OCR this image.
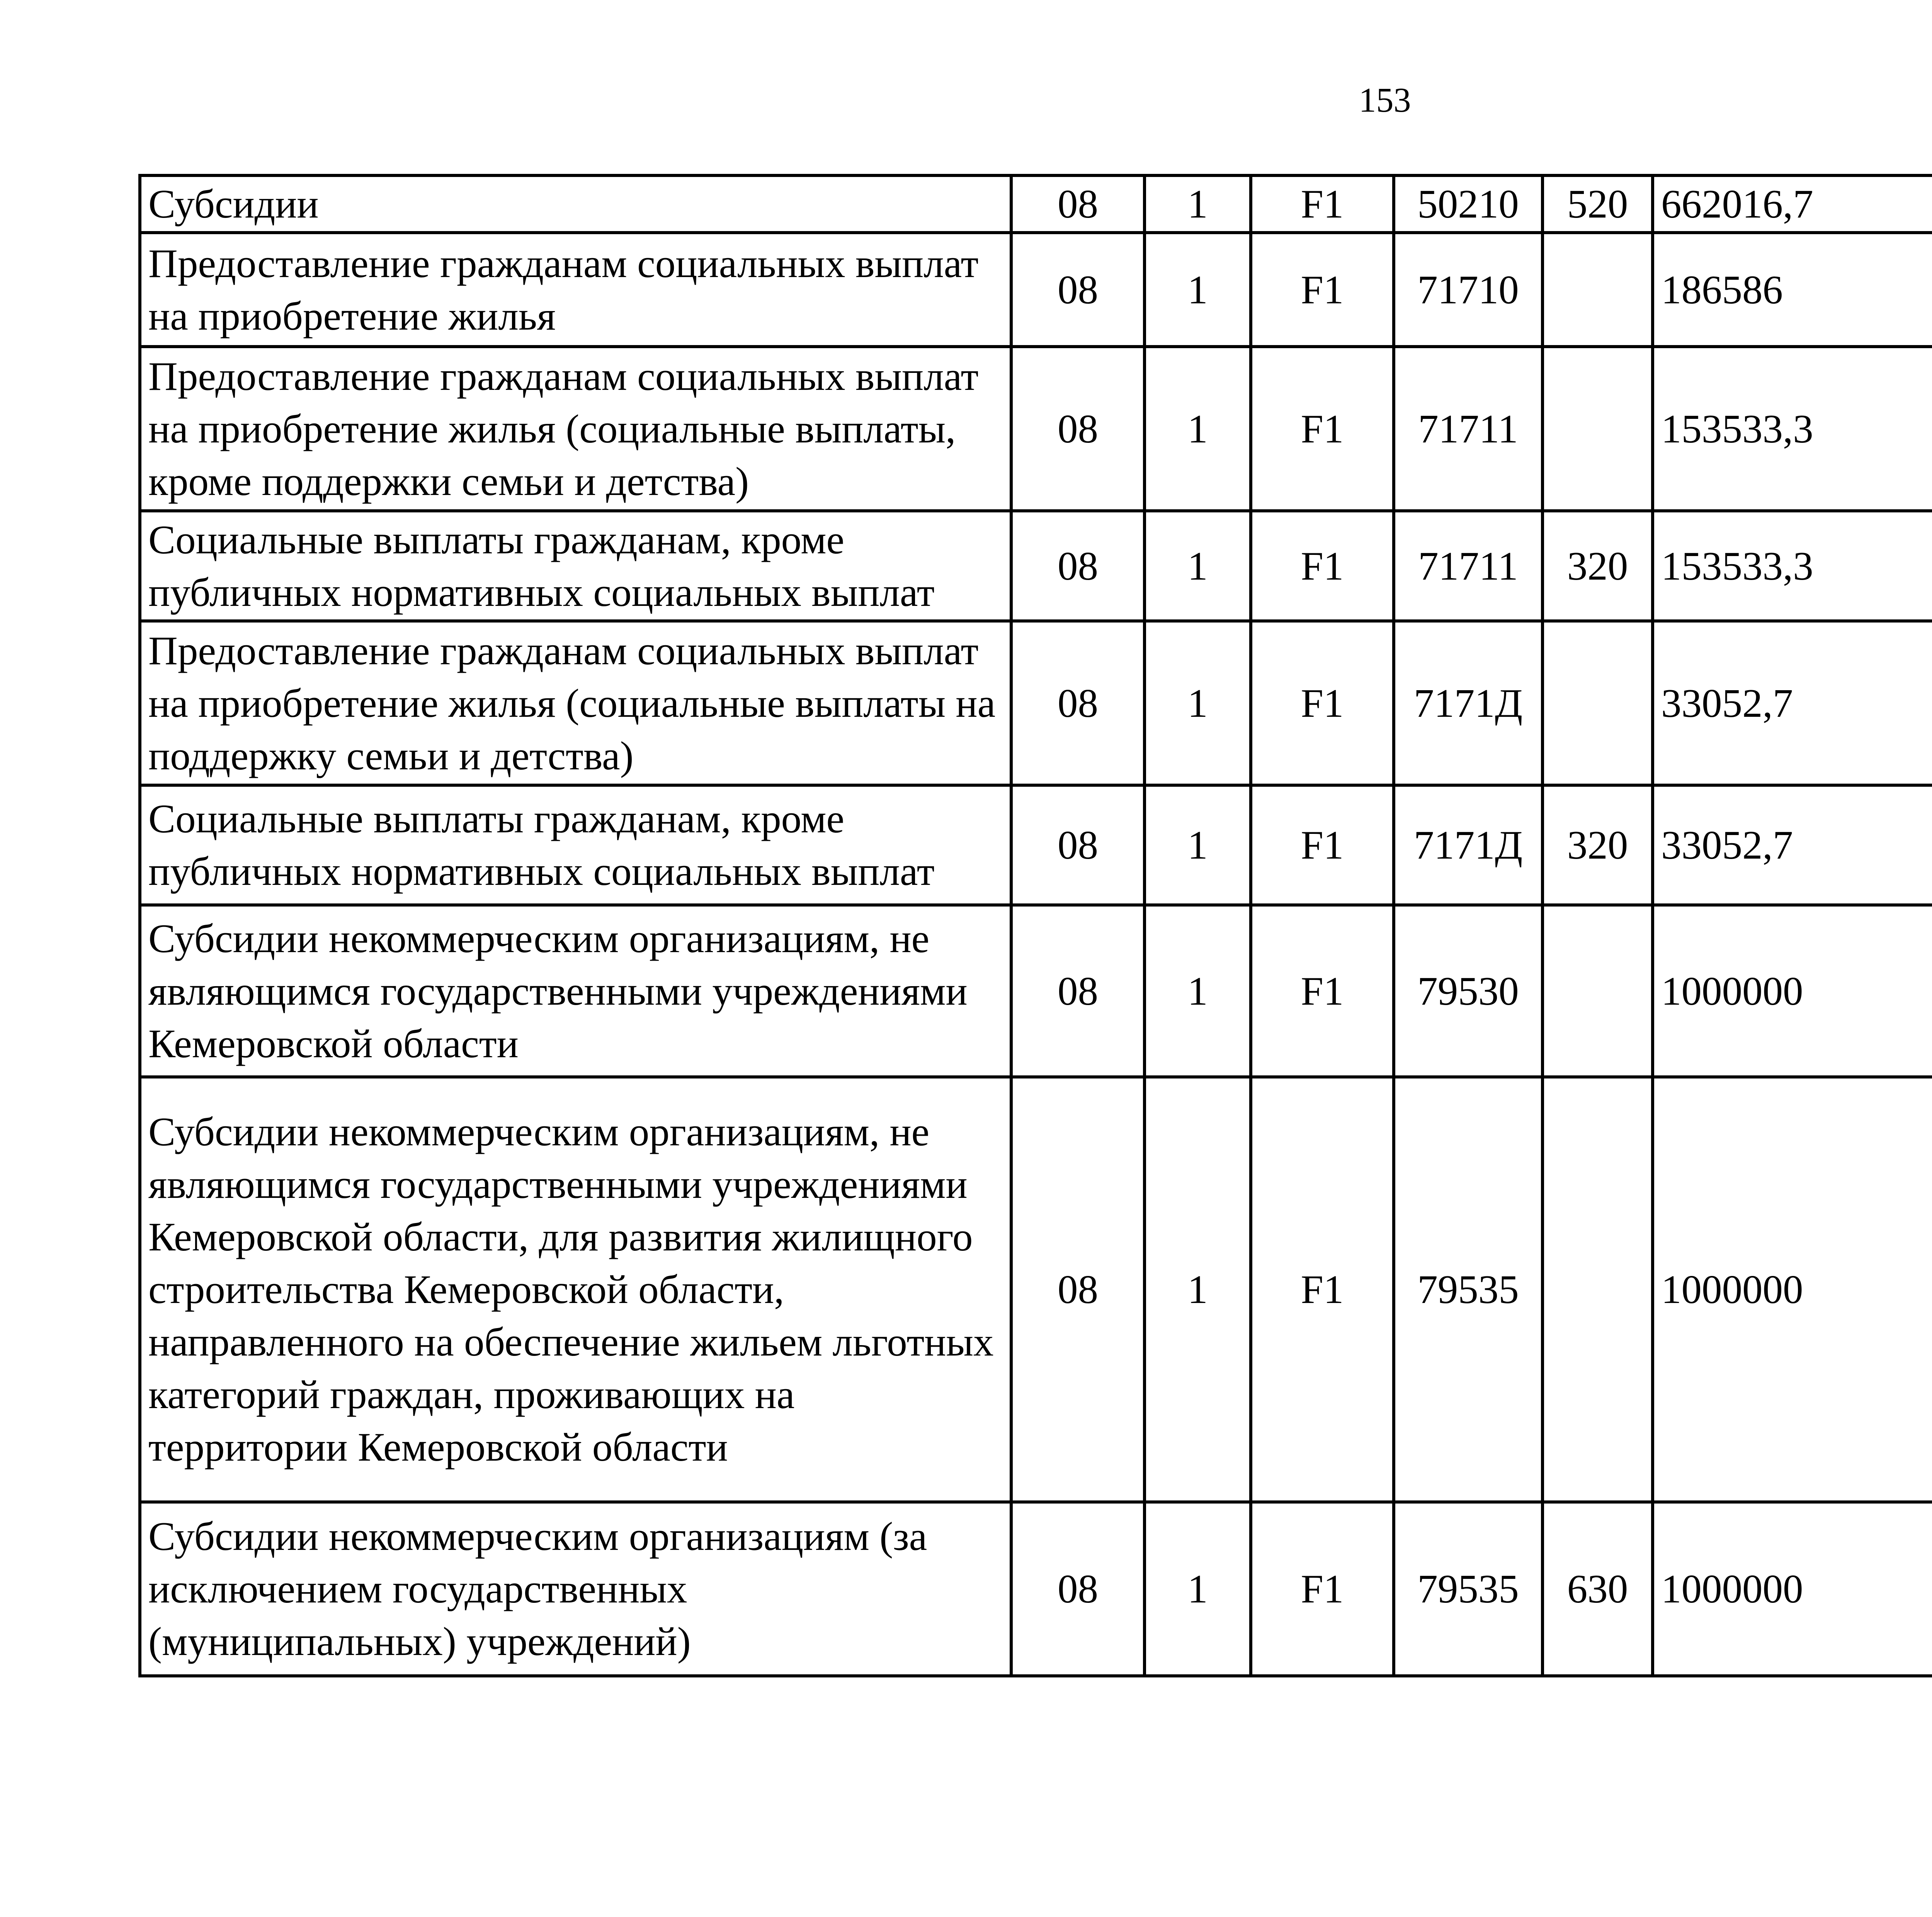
153
Субсидии	08	1	F1	50210	520	662016,7		
Предоставление гражданам социальных выплат на приобретение жилья	08	1	F1	71710		186586		
Предоставление гражданам социальных выплат на приобретение жилья (социальные выплаты, кроме поддержки семьи и детства)	08	1	F1	71711		153533,3		
Социальные выплаты гражданам, кроме публичных нормативных социальных выплат	08	1	F1	71711	320	153533,3		
Предоставление гражданам социальных выплат на приобретение жилья (социальные выплаты на поддержку семьи и детства)	08	1	F1	7171Д		33052,7		
Социальные выплаты гражданам, кроме публичных нормативных социальных выплат	08	1	F1	7171Д	320	33052,7		
Субсидии некоммерческим организациям, не являющимся государственными учреждениями Кемеровской области	08	1	F1	79530		1000000		
Субсидии некоммерческим организациям, не являющимся государственными учреждениями Кемеровской области, для развития жилищного строительства Кемеровской области, направленного на обеспечение жильем льготных категорий граждан, проживающих на территории Кемеровской области	08	1	F1	79535		1000000		
Субсидии некоммерческим организациям (за исключением государственных (муниципальных) учреждений)	08	1	F1	79535	630	1000000		
